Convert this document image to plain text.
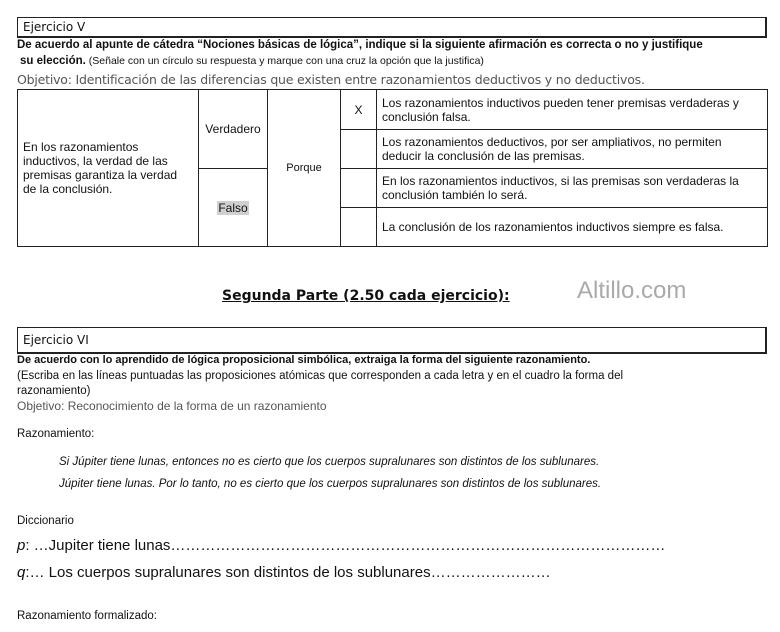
Ejercicio V
De acuerdo al apunte de cátedra “Nociones básicas de lógica”, indique si la siguiente afirmación es correcta o no y justifique
su elección. (Señale con un círculo su respuesta y marque con una cruz la opción que la justifica)
Objetivo: Identificación de las diferencias que existen entre razonamientos deductivos y no deductivos.
En los razonamientos inductivos, la verdad de las premisas garantiza la verdad de la conclusión.	Verdadero	Porque	X	Los razonamientos inductivos pueden tener premisas verdaderas y conclusión falsa.
				Los razonamientos deductivos, por ser ampliativos, no permiten deducir la conclusión de las premisas.
	Falso			En los razonamientos inductivos, si las premisas son verdaderas la conclusión también lo será.
				La conclusión de los razonamientos inductivos siempre es falsa.
Segunda Parte (2.50 cada ejercicio):	Altillo.com
Ejercicio VI
De acuerdo con lo aprendido de lógica proposicional simbólica, extraiga la forma del siguiente razonamiento.
(Escriba en las líneas puntuadas las proposiciones atómicas que corresponden a cada letra y en el cuadro la forma del
razonamiento)
Objetivo: Reconocimiento de la forma de un razonamiento
Razonamiento:
Si Júpiter tiene lunas, entonces no es cierto que los cuerpos supralunares son distintos de los sublunares.
Júpiter tiene lunas. Por lo tanto, no es cierto que los cuerpos supralunares son distintos de los sublunares.
Diccionario
p: …Jupiter tiene lunas………………………………………………………………………………………
q:… Los cuerpos supralunares son distintos de los sublunares……………………
Razonamiento formalizado:
